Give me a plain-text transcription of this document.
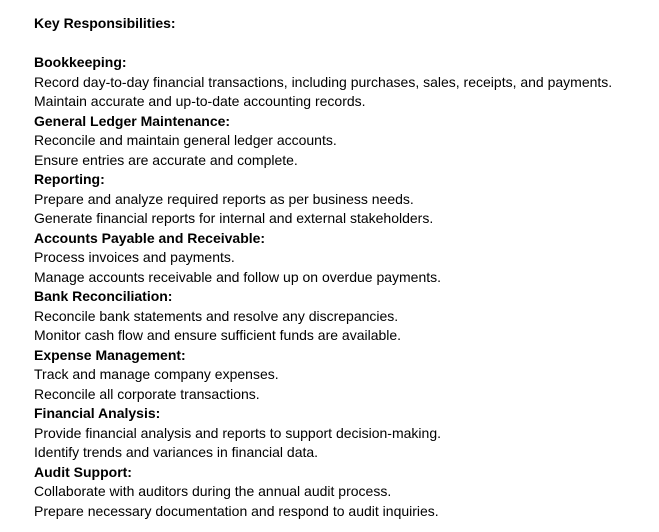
Key Responsibilities:

Bookkeeping:

Record day-to-day financial transactions, including purchases, sales, receipts, and payments.

Maintain accurate and up-to-date accounting records.

General Ledger Maintenance:

Reconcile and maintain general ledger accounts.

Ensure entries are accurate and complete.

Reporting:

Prepare and analyze required reports as per business needs.

Generate financial reports for internal and external stakeholders.

Accounts Payable and Receivable:

Process invoices and payments.

Manage accounts receivable and follow up on overdue payments.

Bank Reconciliation:

Reconcile bank statements and resolve any discrepancies.

Monitor cash flow and ensure sufficient funds are available.

Expense Management:

Track and manage company expenses.

Reconcile all corporate transactions.

Financial Analysis:

Provide financial analysis and reports to support decision-making.

Identify trends and variances in financial data.

Audit Support:

Collaborate with auditors during the annual audit process.

Prepare necessary documentation and respond to audit inquiries.
